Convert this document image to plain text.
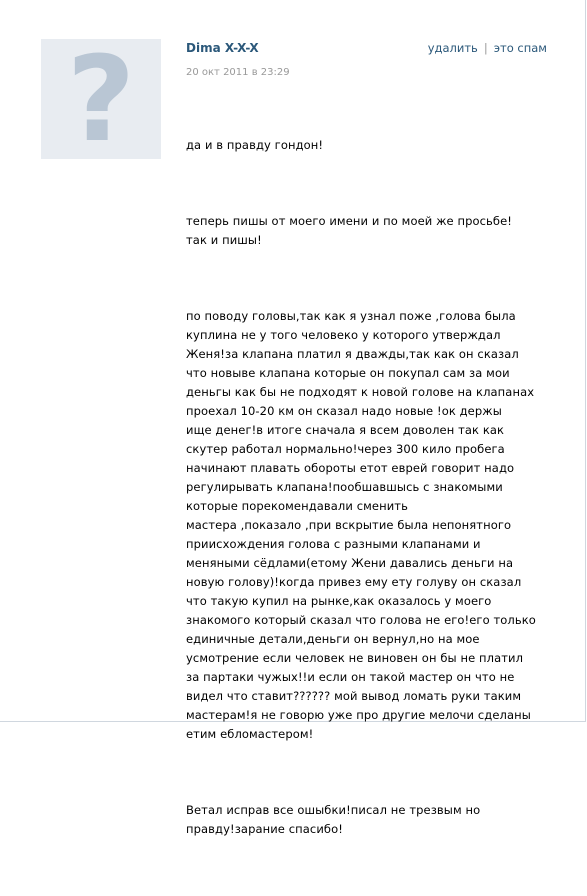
?	Dima X-X-X
20 окт 2011 в 23:29
удалить | это спам

да и в правду гондон!

теперь пишы от моего имени и по моей же просьбе!
так и пишы!

по поводу головы,так как я узнал поже ,голова была
куплина не у того человеко у которого утверждал
Женя!за клапана платил я дважды,так как он сказал
что новыве клапана которые он покупал сам за мои
деньгы как бы не подходят к новой голове на клапанах
проехал 10-20 км он сказал надо новые !ок держы
ище денег!в итоге сначала я всем доволен так как
скутер работал нормально!через 300 кило пробега
начинают плавать обороты етот еврей говорит надо
регулирывать клапана!пообшавшысь с знакомыми
которые порекомендавали сменить
мастера ,показало ,при вскрытие была непонятного
приисхождения голова с разными клапанами и
меняными сёдлами(етому Жени давались деньги на
новую голову)!когда привез ему ету голуву он сказал
что такую купил на рынке,как оказалось у моего
знакомого который сказал что голова не его!его только
единичные детали,деньги он вернул,но на мое
усмотрение если человек не виновен он бы не платил
за партаки чужых!!и если он такой мастер он что не
видел что ставит?????? мой вывод ломать руки таким
мастерам!я не говорю уже про другие мелочи сделаны
етим ебломастером!

Ветал исправ все ошыбки!писал не трезвым но
правду!зарание спасибо!
